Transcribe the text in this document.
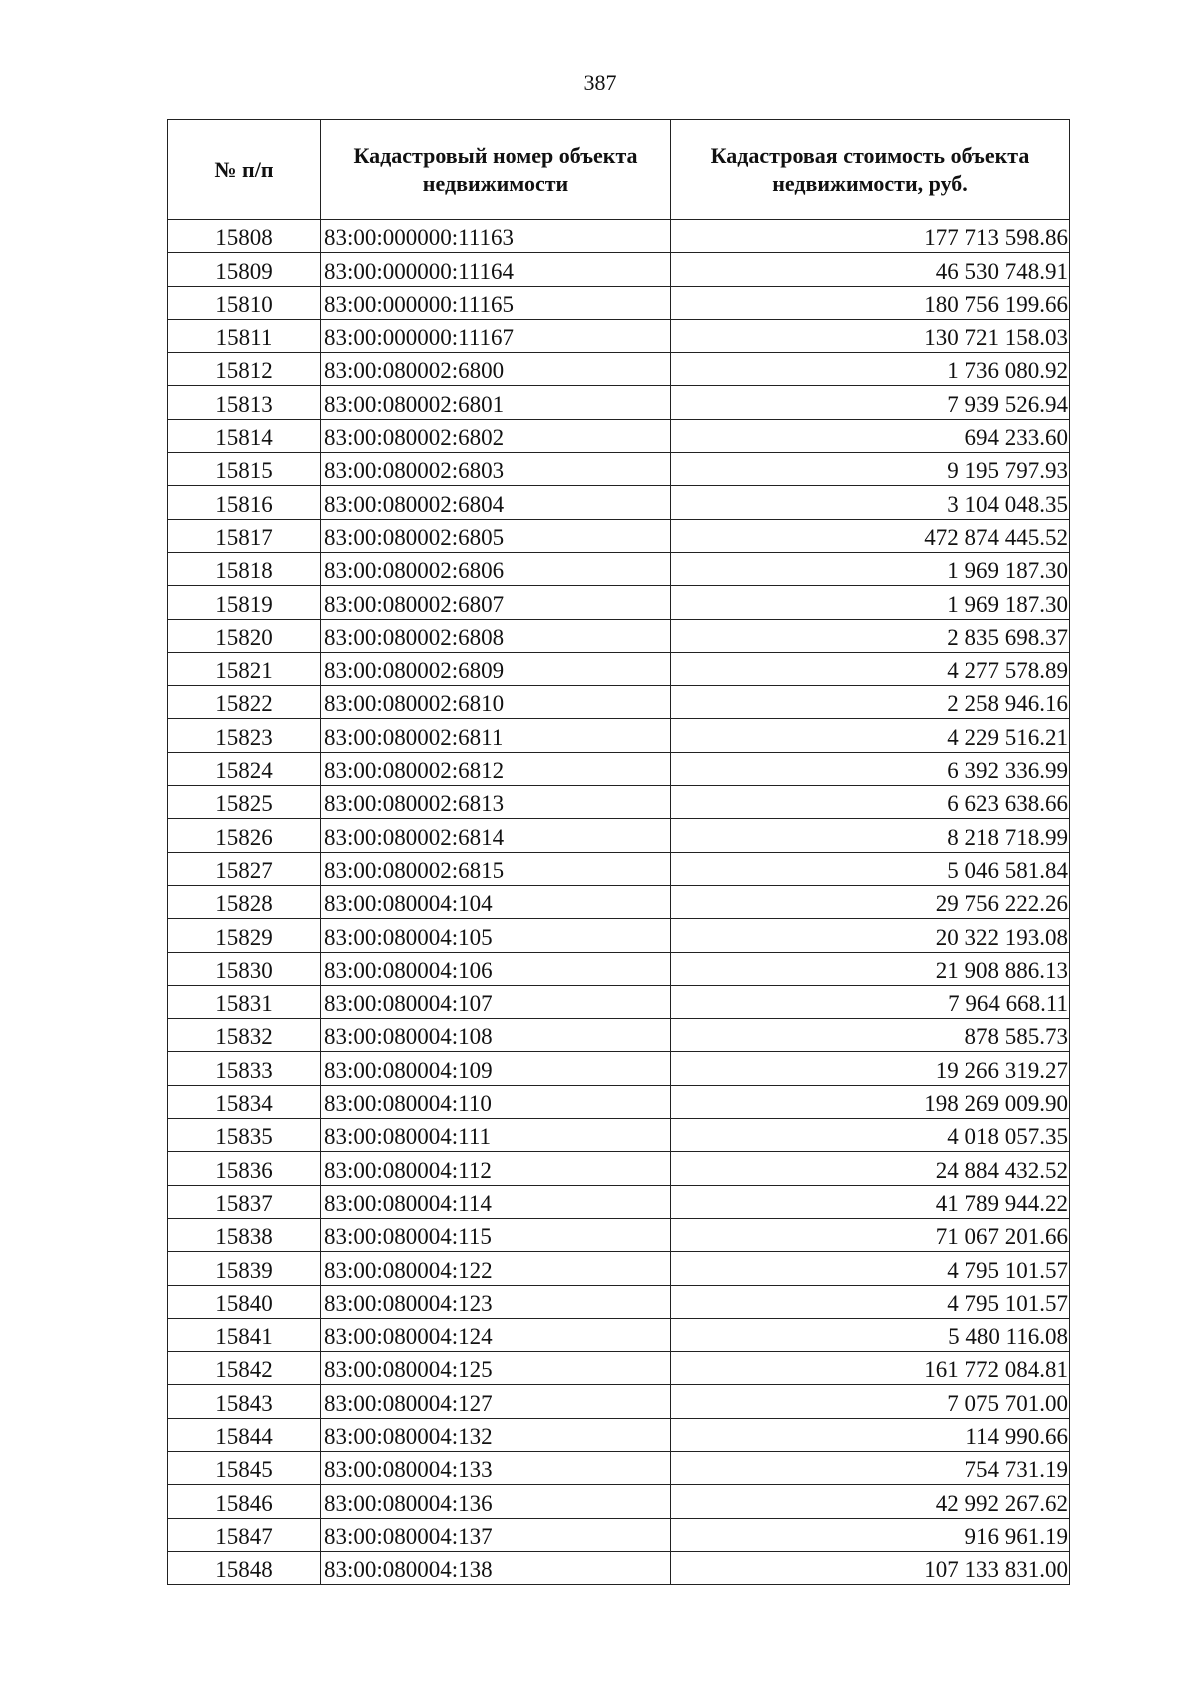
387
№ п/п	Кадастровый номер объекта недвижимости	Кадастровая стоимость объекта недвижимости, руб.
15808	83:00:000000:11163	177 713 598.86
15809	83:00:000000:11164	46 530 748.91
15810	83:00:000000:11165	180 756 199.66
15811	83:00:000000:11167	130 721 158.03
15812	83:00:080002:6800	1 736 080.92
15813	83:00:080002:6801	7 939 526.94
15814	83:00:080002:6802	694 233.60
15815	83:00:080002:6803	9 195 797.93
15816	83:00:080002:6804	3 104 048.35
15817	83:00:080002:6805	472 874 445.52
15818	83:00:080002:6806	1 969 187.30
15819	83:00:080002:6807	1 969 187.30
15820	83:00:080002:6808	2 835 698.37
15821	83:00:080002:6809	4 277 578.89
15822	83:00:080002:6810	2 258 946.16
15823	83:00:080002:6811	4 229 516.21
15824	83:00:080002:6812	6 392 336.99
15825	83:00:080002:6813	6 623 638.66
15826	83:00:080002:6814	8 218 718.99
15827	83:00:080002:6815	5 046 581.84
15828	83:00:080004:104	29 756 222.26
15829	83:00:080004:105	20 322 193.08
15830	83:00:080004:106	21 908 886.13
15831	83:00:080004:107	7 964 668.11
15832	83:00:080004:108	878 585.73
15833	83:00:080004:109	19 266 319.27
15834	83:00:080004:110	198 269 009.90
15835	83:00:080004:111	4 018 057.35
15836	83:00:080004:112	24 884 432.52
15837	83:00:080004:114	41 789 944.22
15838	83:00:080004:115	71 067 201.66
15839	83:00:080004:122	4 795 101.57
15840	83:00:080004:123	4 795 101.57
15841	83:00:080004:124	5 480 116.08
15842	83:00:080004:125	161 772 084.81
15843	83:00:080004:127	7 075 701.00
15844	83:00:080004:132	114 990.66
15845	83:00:080004:133	754 731.19
15846	83:00:080004:136	42 992 267.62
15847	83:00:080004:137	916 961.19
15848	83:00:080004:138	107 133 831.00
